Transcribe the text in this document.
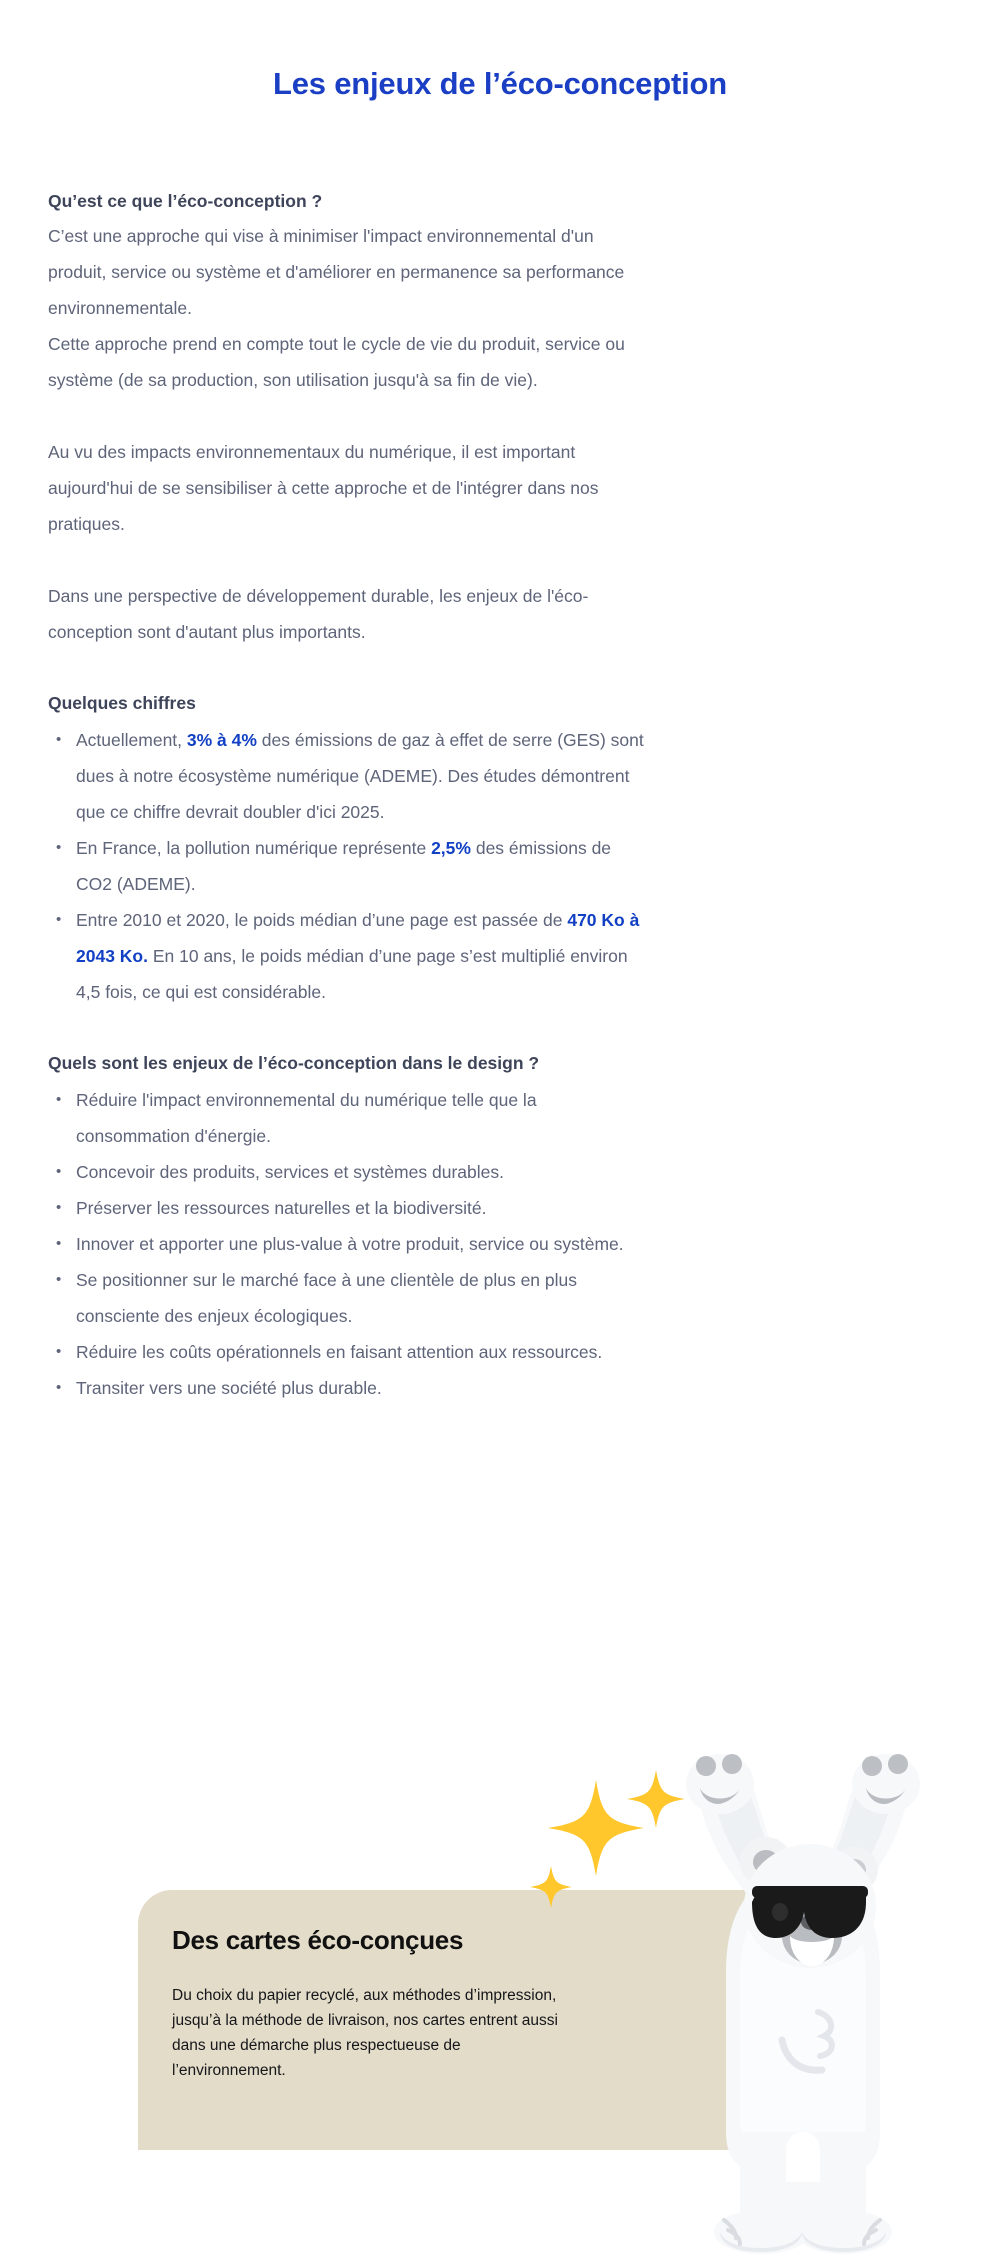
Les enjeux de l’éco-conception
Qu’est ce que l’éco-conception ?
C’est une approche qui vise à minimiser l'impact environnemental d'un produit, service ou système et d'améliorer en permanence sa performance environnementale.
Cette approche prend en compte tout le cycle de vie du produit, service ou système (de sa production, son utilisation jusqu'à sa fin de vie).
Au vu des impacts environnementaux du numérique, il est important aujourd'hui de se sensibiliser à cette approche et de l'intégrer dans nos pratiques.
Dans une perspective de développement durable, les enjeux de l'éco-conception sont d'autant plus importants.
Quelques chiffres
• Actuellement, 3% à 4% des émissions de gaz à effet de serre (GES) sont dues à notre écosystème numérique (ADEME). Des études démontrent que ce chiffre devrait doubler d'ici 2025.
• En France, la pollution numérique représente 2,5% des émissions de CO2 (ADEME).
• Entre 2010 et 2020, le poids médian d’une page est passée de 470 Ko à 2043 Ko. En 10 ans, le poids médian d’une page s’est multiplié environ 4,5 fois, ce qui est considérable.
Quels sont les enjeux de l’éco-conception dans le design ?
• Réduire l'impact environnemental du numérique telle que la consommation d'énergie.
• Concevoir des produits, services et systèmes durables.
• Préserver les ressources naturelles et la biodiversité.
• Innover et apporter une plus-value à votre produit, service ou système.
• Se positionner sur le marché face à une clientèle de plus en plus consciente des enjeux écologiques.
• Réduire les coûts opérationnels en faisant attention aux ressources.
• Transiter vers une société plus durable.
Des cartes éco-conçues
Du choix du papier recyclé, aux méthodes d’impression, jusqu’à la méthode de livraison, nos cartes entrent aussi dans une démarche plus respectueuse de l’environnement.
